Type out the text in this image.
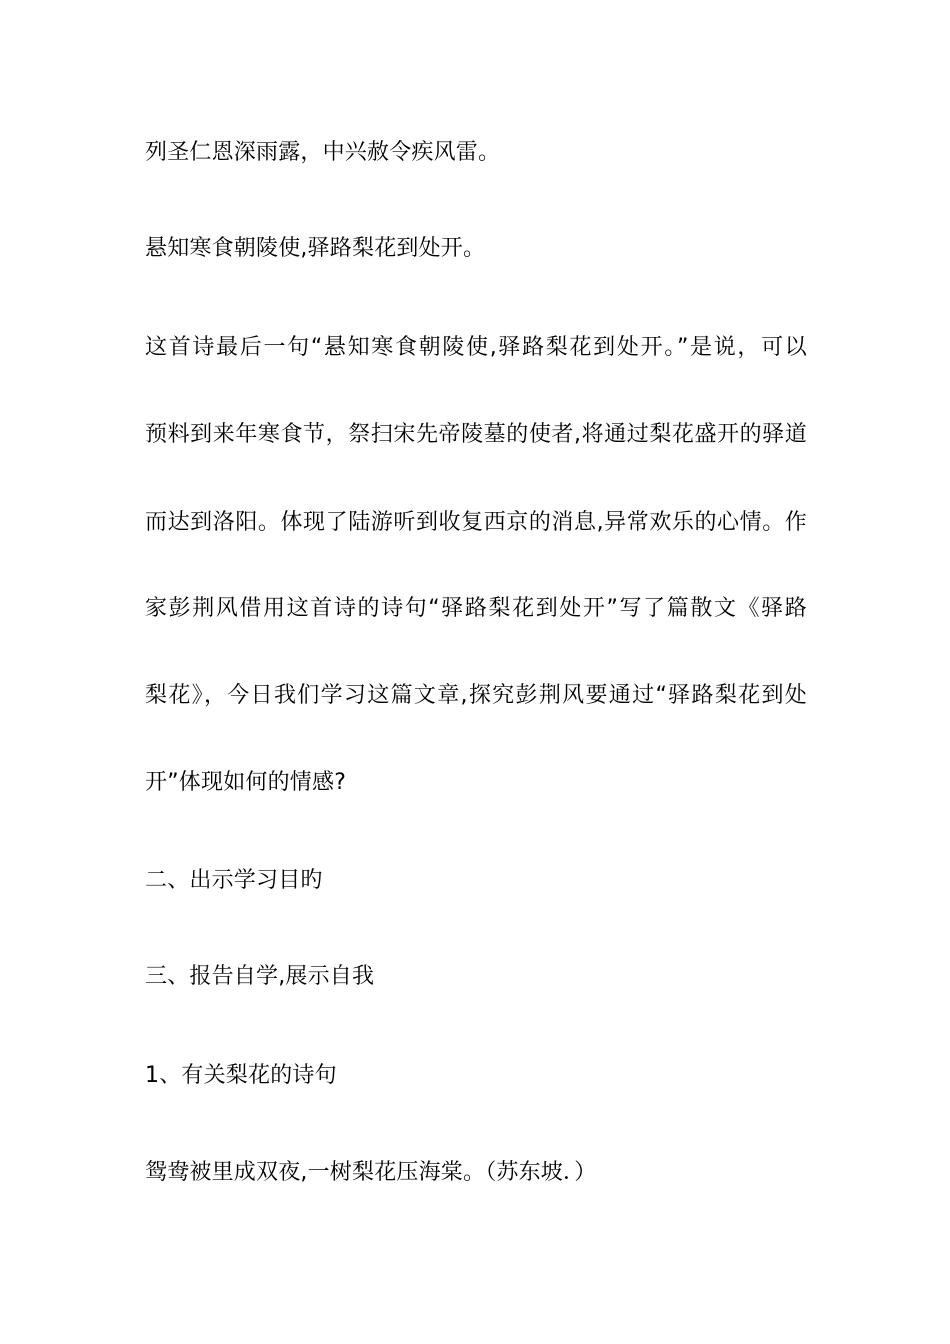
列圣仁恩深雨露，中兴赦令疾风雷。
悬知寒食朝陵使,驿路梨花到处开。
这首诗最后一句“悬知寒食朝陵使,驿路梨花到处开。”是说，可以
预料到来年寒食节，祭扫宋先帝陵墓的使者,将通过梨花盛开的驿道
而达到洛阳。体现了陆游听到收复西京的消息,异常欢乐的心情。作
家彭荆风借用这首诗的诗句“驿路梨花到处开”写了篇散文《驿路
梨花》，今日我们学习这篇文章,探究彭荆风要通过“驿路梨花到处
开”体现如何的情感?
二、出示学习目旳
三、报告自学,展示自我
1、有关梨花的诗句
鸳鸯被里成双夜,一树梨花压海棠。（苏东坡．）
